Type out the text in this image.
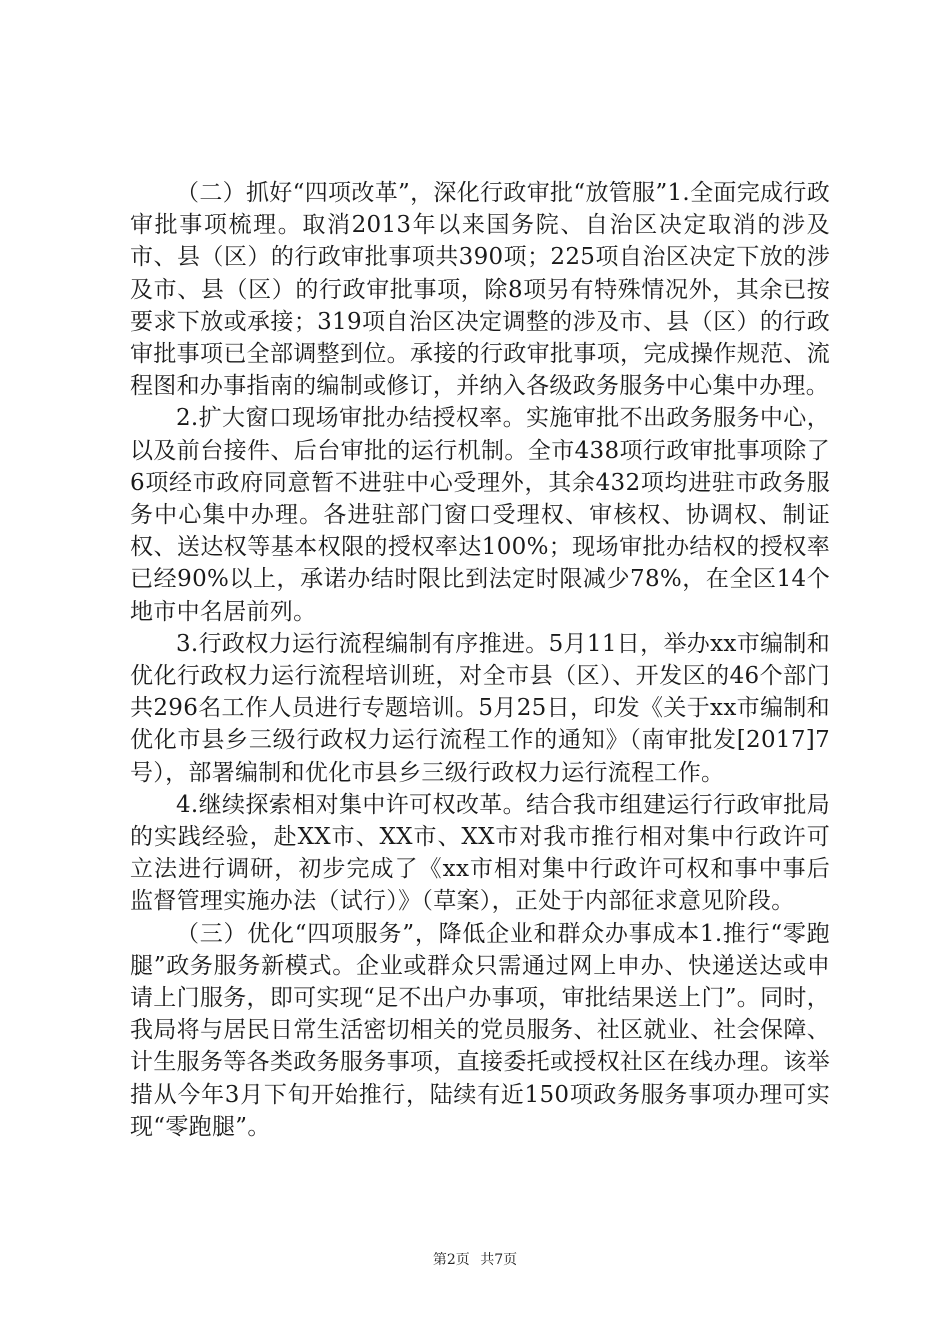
（二）抓好“四项改革”，深化行政审批“放管服”1.全面完成行政审批事项梳理。取消2013年以来国务院、自治区决定取消的涉及市、县（区）的行政审批事项共390项；225项自治区决定下放的涉及市、县（区）的行政审批事项，除8项另有特殊情况外，其余已按要求下放或承接；319项自治区决定调整的涉及市、县（区）的行政审批事项已全部调整到位。承接的行政审批事项，完成操作规范、流程图和办事指南的编制或修订，并纳入各级政务服务中心集中办理。

2.扩大窗口现场审批办结授权率。实施审批不出政务服务中心，以及前台接件、后台审批的运行机制。全市438项行政审批事项除了6项经市政府同意暂不进驻中心受理外，其余432项均进驻市政务服务中心集中办理。各进驻部门窗口受理权、审核权、协调权、制证权、送达权等基本权限的授权率达100%；现场审批办结权的授权率已经90%以上，承诺办结时限比到法定时限减少78%，在全区14个地市中名居前列。

3.行政权力运行流程编制有序推进。5月11日，举办xx市编制和优化行政权力运行流程培训班，对全市县（区）、开发区的46个部门共296名工作人员进行专题培训。5月25日，印发《关于xx市编制和优化市县乡三级行政权力运行流程工作的通知》（南审批发[2017]7号），部署编制和优化市县乡三级行政权力运行流程工作。

4.继续探索相对集中许可权改革。结合我市组建运行行政审批局的实践经验，赴XX市、XX市、XX市对我市推行相对集中行政许可立法进行调研，初步完成了《xx市相对集中行政许可权和事中事后监督管理实施办法（试行）》（草案），正处于内部征求意见阶段。

（三）优化“四项服务”，降低企业和群众办事成本1.推行“零跑腿”政务服务新模式。企业或群众只需通过网上申办、快递送达或申请上门服务，即可实现“足不出户办事项，审批结果送上门”。同时，我局将与居民日常生活密切相关的党员服务、社区就业、社会保障、计生服务等各类政务服务事项，直接委托或授权社区在线办理。该举措从今年3月下旬开始推行，陆续有近150项政务服务事项办理可实现“零跑腿”。

第2页 共7页
